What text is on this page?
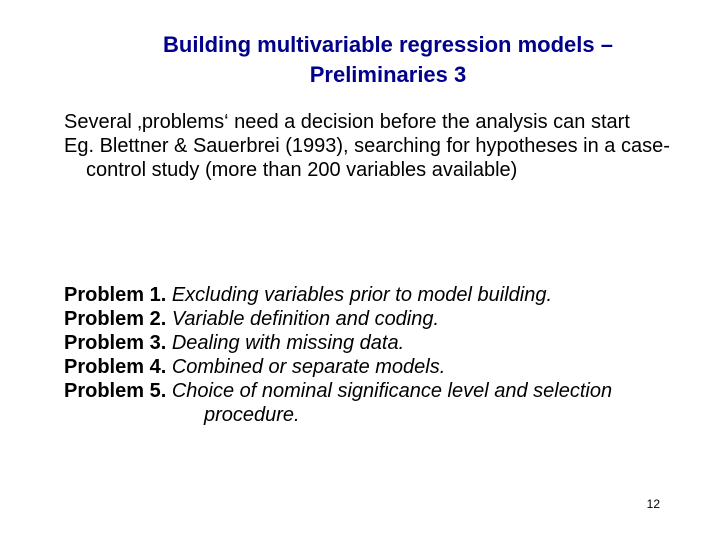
Building multivariable regression models –
Preliminaries 3

Several ‚problems‘ need a decision before the analysis can start

Eg. Blettner & Sauerbrei (1993), searching for hypotheses in a case-control study (more than 200 variables available)

Problem 1. Excluding variables prior to model building.

Problem 2. Variable definition and coding.

Problem 3. Dealing with missing data.

Problem 4. Combined or separate models.

Problem 5. Choice of nominal significance level and selection procedure.

12
